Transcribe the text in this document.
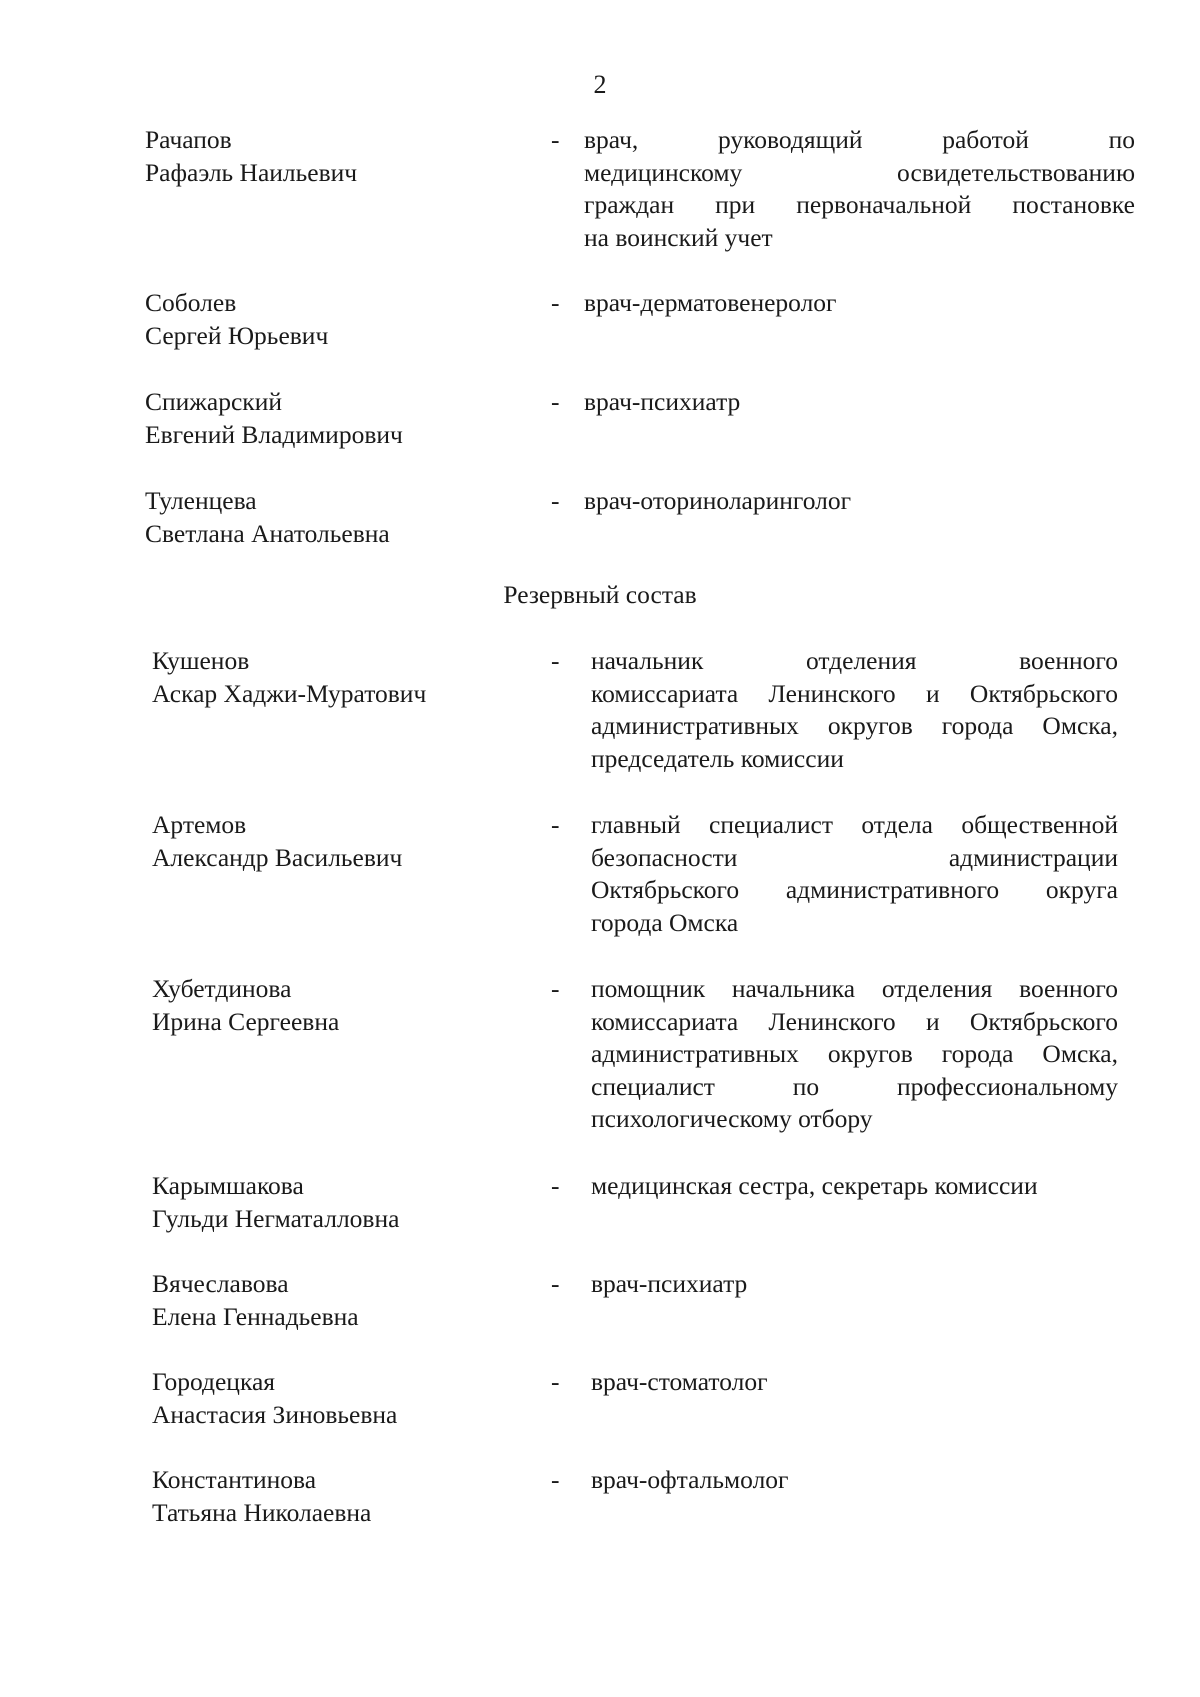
2
Резервный состав
Рачапов
Рафаэль Наильевич
- врач, руководящий работой по
медицинскому освидетельствованию
граждан при первоначальной постановке
на воинский учет
Соболев
Сергей Юрьевич
- врач-дерматовенеролог
Спижарский
Евгений Владимирович
- врач-психиатр
Туленцева
Светлана Анатольевна
- врач-оториноларинголог
Кушенов
Аскар Хаджи-Муратович
- начальник отделения военного
комиссариата Ленинского и Октябрьского
административных округов города Омска,
председатель комиссии
Артемов
Александр Васильевич
- главный специалист отдела общественной
безопасности администрации
Октябрьского административного округа
города Омска
Хубетдинова
Ирина Сергеевна
- помощник начальника отделения военного
комиссариата Ленинского и Октябрьского
административных округов города Омска,
специалист по профессиональному
психологическому отбору
Карымшакова
Гульди Негматалловна
- медицинская сестра, секретарь комиссии
Вячеславова
Елена Геннадьевна
- врач-психиатр
Городецкая
Анастасия Зиновьевна
- врач-стоматолог
Константинова
Татьяна Николаевна
- врач-офтальмолог
